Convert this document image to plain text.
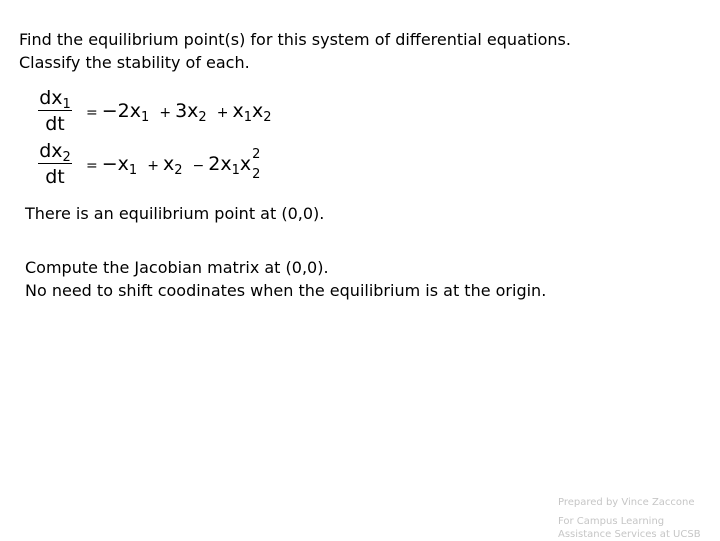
Find the equilibrium point(s) for this system of differential equations.
Classify the stability of each.
$dx_1$
dt	= $-2x_1 + 3x_2 + x_1x_2$
$dx_2$
dt	= $-x_1 + x_2 - 2x_1x$ 2
2
There is an equilibrium point at (0,0).
Compute the Jacobian matrix at (0,0).
No need to shift coodinates when the equilibrium is at the origin.
Prepared by Vince Zaccone
For Campus Learning
Assistance Services at UCSB
